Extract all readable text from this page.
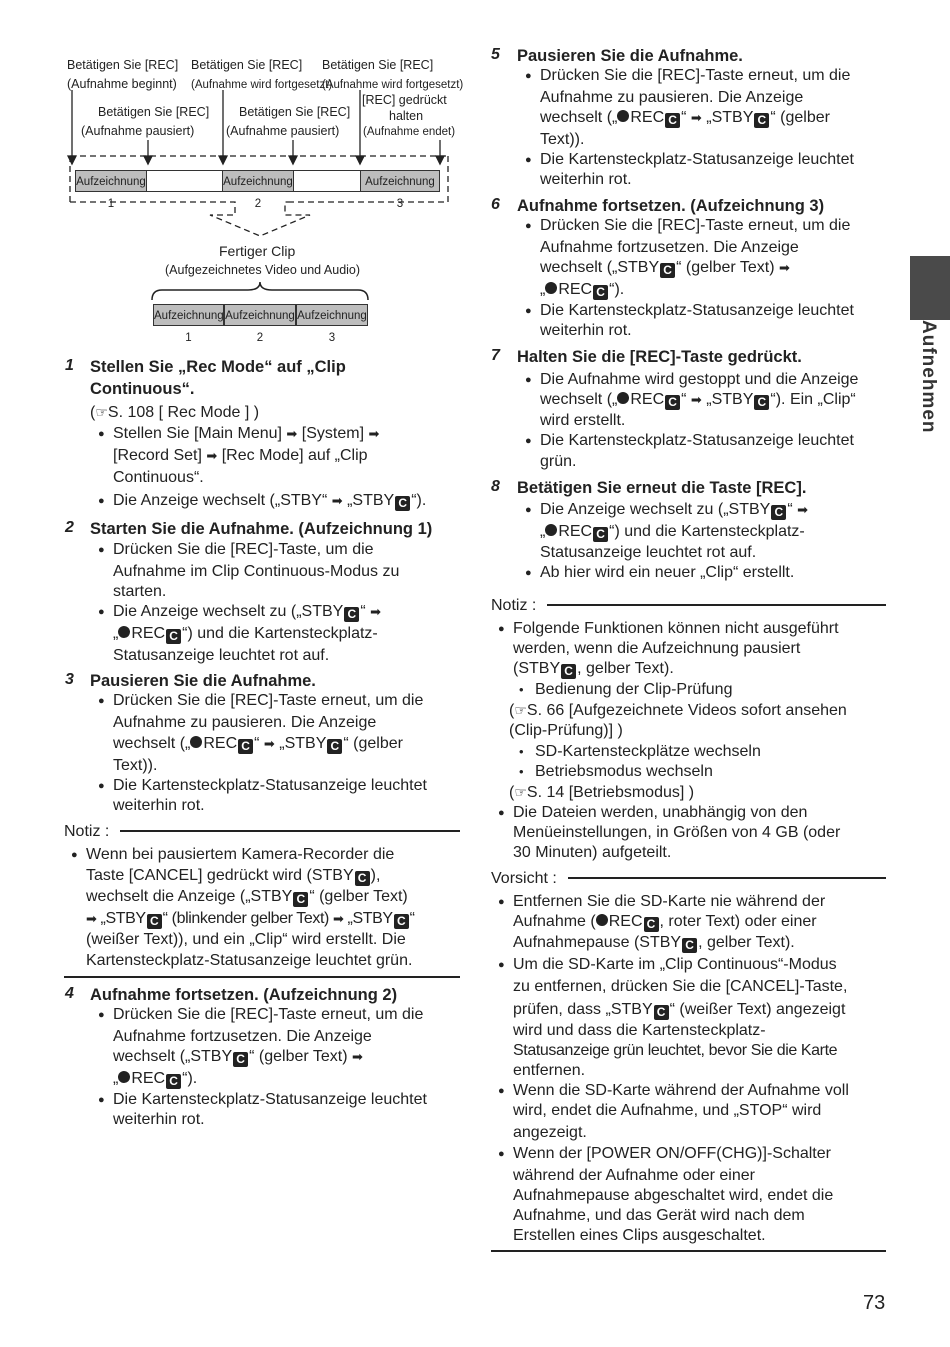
Aufnehmen
Betätigen Sie [REC]
(Aufnahme beginnt)
Betätigen Sie [REC]
(Aufnahme wird fortgesetzt)
Betätigen Sie [REC]
(Aufnahme wird fortgesetzt)
Betätigen Sie [REC]
(Aufnahme pausiert)
Betätigen Sie [REC]
(Aufnahme pausiert)
[REC] gedrückt
halten
(Aufnahme endet)
Aufzeichnung 1
Aufzeichnung 2
Aufzeichnung 3
Fertiger Clip
(Aufgezeichnetes Video und Audio)
Aufzeichnung 1
Aufzeichnung 2
Aufzeichnung 3
1 Stellen Sie „Rec Mode“ auf „Clip
Continuous“.
(☞S. 108 [ Rec Mode ] )
● Stellen Sie [Main Menu] ➡ [System] ➡
[Record Set] ➡ [Rec Mode] auf „Clip
Continuous“.
● Die Anzeige wechselt („STBY“ ➡ „STBY C “).
2 Starten Sie die Aufnahme. (Aufzeichnung 1)
● Drücken Sie die [REC]-Taste, um die
Aufnahme im Clip Continuous-Modus zu
starten.
● Die Anzeige wechselt zu („STBY C “ ➡
„ REC C “) und die Kartensteckplatz-
Statusanzeige leuchtet rot auf.
3 Pausieren Sie die Aufnahme.
● Drücken Sie die [REC]-Taste erneut, um die
Aufnahme zu pausieren. Die Anzeige
wechselt („ REC C “ ➡ „STBY C “ (gelber
Text)).
● Die Kartensteckplatz-Statusanzeige leuchtet
weiterhin rot.
Notiz :
● Wenn bei pausiertem Kamera-Recorder die
Taste [CANCEL] gedrückt wird (STBY C ),
wechselt die Anzeige („STBY C “ (gelber Text)
➡ „STBY C “ (blinkender gelber Text) ➡ „STBY C “
(weißer Text)), und ein „Clip“ wird erstellt. Die
Kartensteckplatz-Statusanzeige leuchtet grün.
4 Aufnahme fortsetzen. (Aufzeichnung 2)
● Drücken Sie die [REC]-Taste erneut, um die
Aufnahme fortzusetzen. Die Anzeige
wechselt („STBY C “ (gelber Text) ➡
„ REC C “).
● Die Kartensteckplatz-Statusanzeige leuchtet
weiterhin rot.
5 Pausieren Sie die Aufnahme.
● Drücken Sie die [REC]-Taste erneut, um die
Aufnahme zu pausieren. Die Anzeige
wechselt („ REC C “ ➡ „STBY C “ (gelber
Text)).
● Die Kartensteckplatz-Statusanzeige leuchtet
weiterhin rot.
6 Aufnahme fortsetzen. (Aufzeichnung 3)
● Drücken Sie die [REC]-Taste erneut, um die
Aufnahme fortzusetzen. Die Anzeige
wechselt („STBY C “ (gelber Text) ➡
„ REC C “).
● Die Kartensteckplatz-Statusanzeige leuchtet
weiterhin rot.
7 Halten Sie die [REC]-Taste gedrückt.
● Die Aufnahme wird gestoppt und die Anzeige
wechselt („ REC C “ ➡ „STBY C “). Ein „Clip“
wird erstellt.
● Die Kartensteckplatz-Statusanzeige leuchtet
grün.
8 Betätigen Sie erneut die Taste [REC].
● Die Anzeige wechselt zu („STBY C “ ➡
„ REC C “) und die Kartensteckplatz-
Statusanzeige leuchtet rot auf.
● Ab hier wird ein neuer „Clip“ erstellt.
Notiz :
● Folgende Funktionen können nicht ausgeführt
werden, wenn die Aufzeichnung pausiert
(STBY C , gelber Text).
• Bedienung der Clip-Prüfung
(☞S. 66 [Aufgezeichnete Videos sofort ansehen
(Clip-Prüfung)] )
• SD-Kartensteckplätze wechseln
• Betriebsmodus wechseln
(☞S. 14 [Betriebsmodus] )
● Die Dateien werden, unabhängig von den
Menüeinstellungen, in Größen von 4 GB (oder
30 Minuten) aufgeteilt.
Vorsicht :
● Entfernen Sie die SD-Karte nie während der
Aufnahme ( REC C , roter Text) oder einer
Aufnahmepause (STBY C , gelber Text).
● Um die SD-Karte im „Clip Continuous“-Modus
zu entfernen, drücken Sie die [CANCEL]-Taste,
prüfen, dass „STBY C “ (weißer Text) angezeigt
wird und dass die Kartensteckplatz-
Statusanzeige grün leuchtet, bevor Sie die Karte
entfernen.
● Wenn die SD-Karte während der Aufnahme voll
wird, endet die Aufnahme, und „STOP“ wird
angezeigt.
● Wenn der [POWER ON/OFF(CHG)]-Schalter
während der Aufnahme oder einer
Aufnahmepause abgeschaltet wird, endet die
Aufnahme, und das Gerät wird nach dem
Erstellen eines Clips ausgeschaltet.
73
